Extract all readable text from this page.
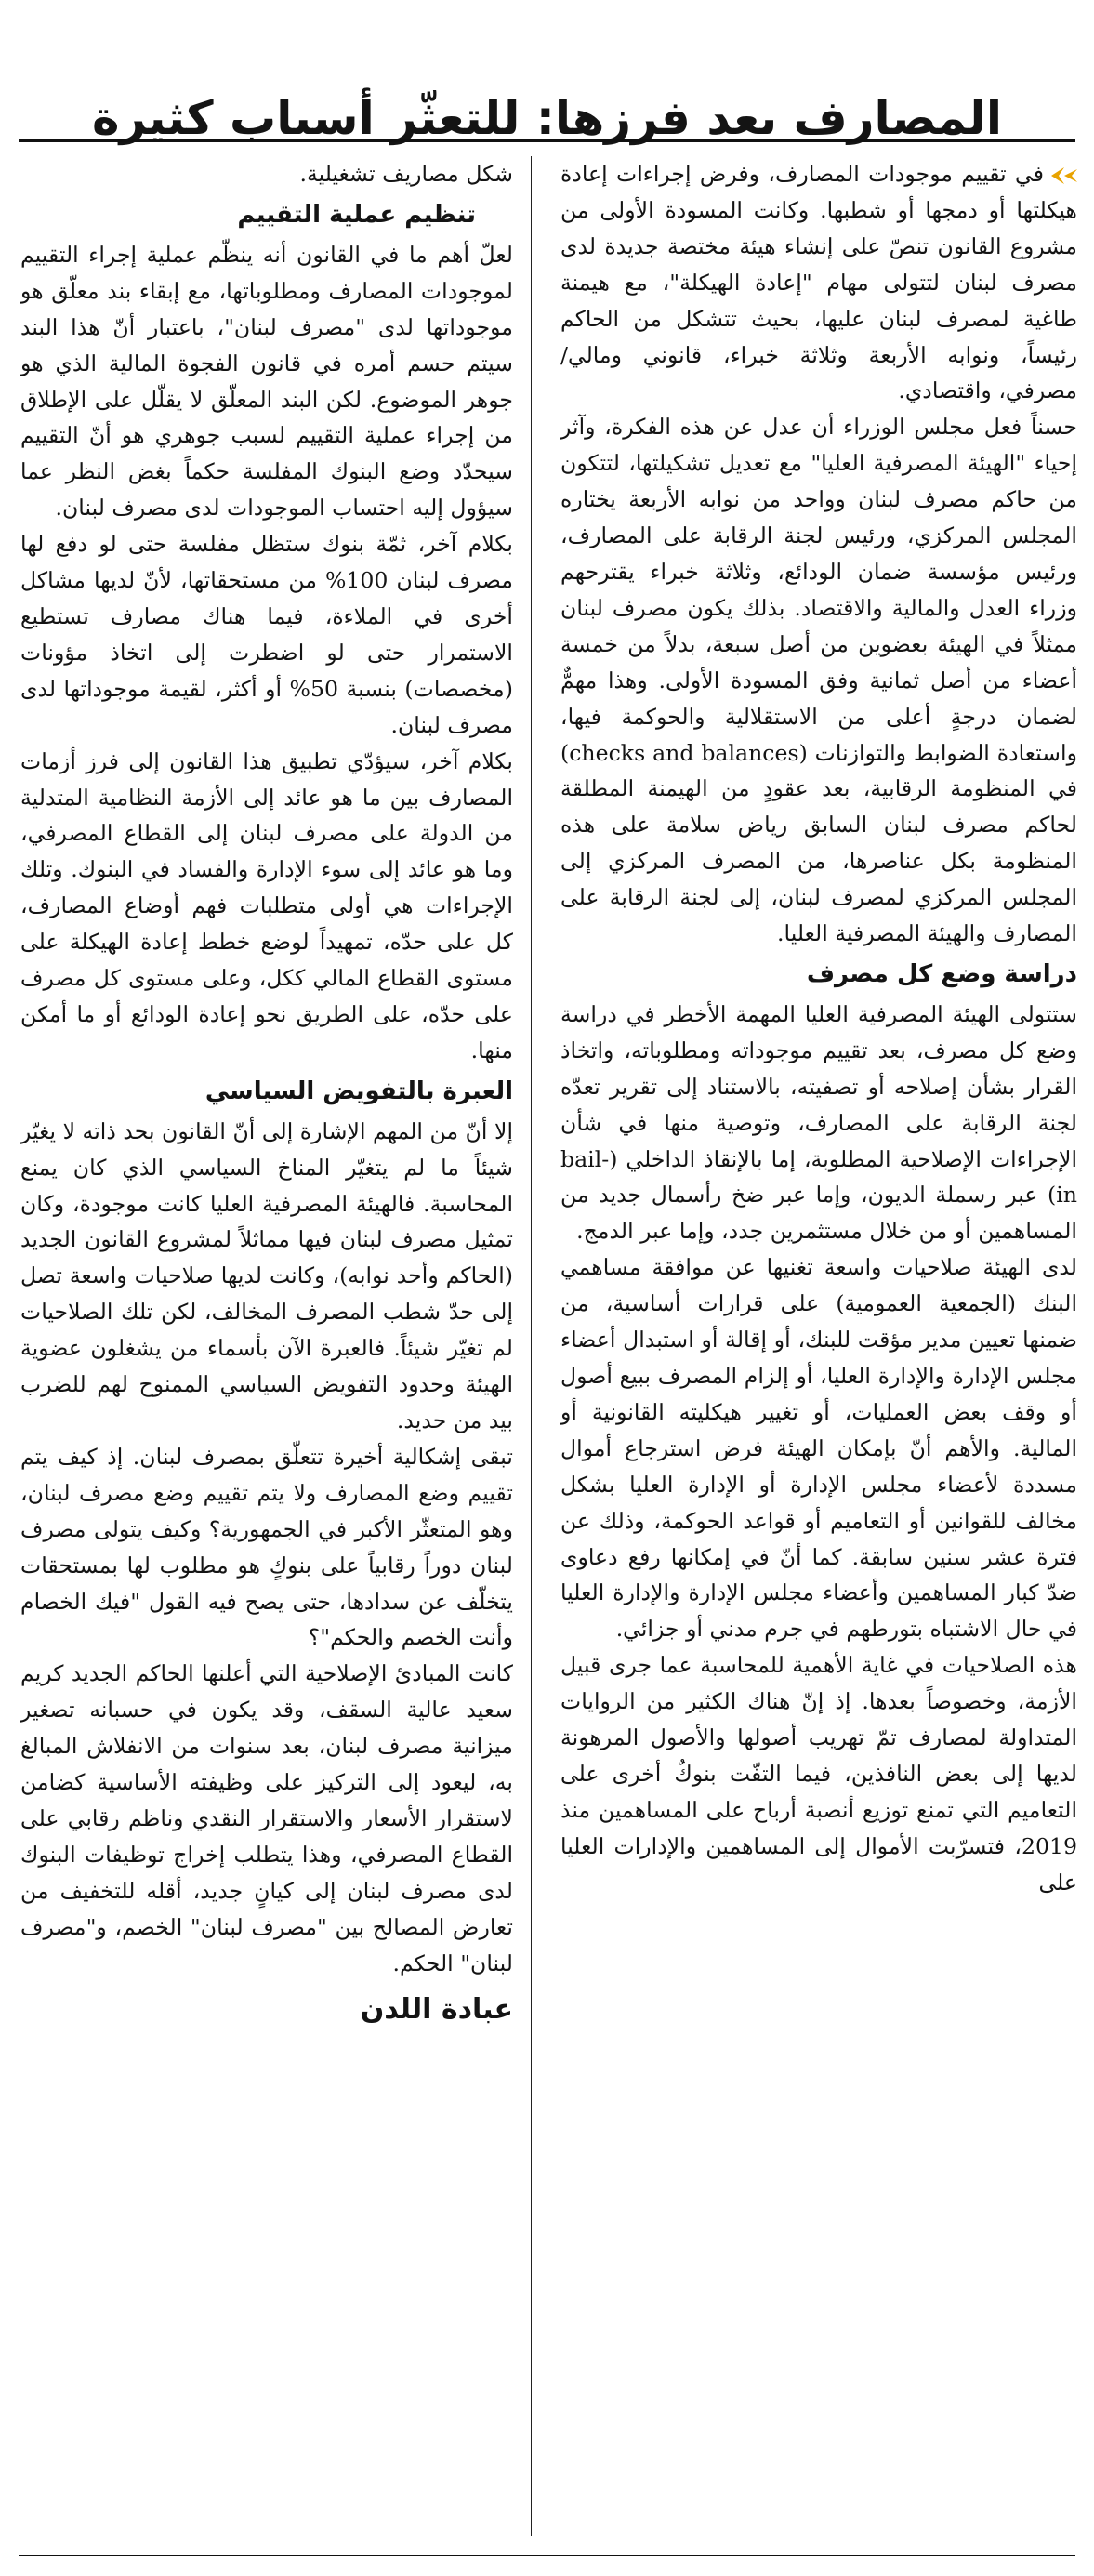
المصارف بعد فرزها: للتعثّر أسباب كثيرة

في تقييم موجودات المصارف، وفرض إجراءات إعادة هيكلتها أو دمجها أو شطبها. وكانت المسودة الأولى من مشروع القانون تنصّ على إنشاء هيئة مختصة جديدة لدى مصرف لبنان لتتولى مهام "إعادة الهيكلة"، مع هيمنة طاغية لمصرف لبنان عليها، بحيث تتشكل من الحاكم رئيساً، ونوابه الأربعة وثلاثة خبراء، قانوني ومالي/ مصرفي، واقتصادي.

حسناً فعل مجلس الوزراء أن عدل عن هذه الفكرة، وآثر إحياء "الهيئة المصرفية العليا" مع تعديل تشكيلتها، لتتكون من حاكم مصرف لبنان وواحد من نوابه الأربعة يختاره المجلس المركزي، ورئيس لجنة الرقابة على المصارف، ورئيس مؤسسة ضمان الودائع، وثلاثة خبراء يقترحهم وزراء العدل والمالية والاقتصاد. بذلك يكون مصرف لبنان ممثلاً في الهيئة بعضوين من أصل سبعة، بدلاً من خمسة أعضاء من أصل ثمانية وفق المسودة الأولى. وهذا مهمٌّ لضمان درجةٍ أعلى من الاستقلالية والحوكمة فيها، واستعادة الضوابط والتوازنات (checks and balances) في المنظومة الرقابية، بعد عقودٍ من الهيمنة المطلقة لحاكم مصرف لبنان السابق رياض سلامة على هذه المنظومة بكل عناصرها، من المصرف المركزي إلى المجلس المركزي لمصرف لبنان، إلى لجنة الرقابة على المصارف والهيئة المصرفية العليا.

دراسة وضع كل مصرف

ستتولى الهيئة المصرفية العليا المهمة الأخطر في دراسة وضع كل مصرف، بعد تقييم موجوداته ومطلوباته، واتخاذ القرار بشأن إصلاحه أو تصفيته، بالاستناد إلى تقرير تعدّه لجنة الرقابة على المصارف، وتوصية منها في شأن الإجراءات الإصلاحية المطلوبة، إما بالإنقاذ الداخلي (bail-in) عبر رسملة الديون، وإما عبر ضخ رأسمال جديد من المساهمين أو من خلال مستثمرين جدد، وإما عبر الدمج.

لدى الهيئة صلاحيات واسعة تغنيها عن موافقة مساهمي البنك (الجمعية العمومية) على قرارات أساسية، من ضمنها تعيين مدير مؤقت للبنك، أو إقالة أو استبدال أعضاء مجلس الإدارة والإدارة العليا، أو إلزام المصرف ببيع أصول أو وقف بعض العمليات، أو تغيير هيكليته القانونية أو المالية. والأهم أنّ بإمكان الهيئة فرض استرجاع أموال مسددة لأعضاء مجلس الإدارة أو الإدارة العليا بشكل مخالف للقوانين أو التعاميم أو قواعد الحوكمة، وذلك عن فترة عشر سنين سابقة. كما أنّ في إمكانها رفع دعاوى ضدّ كبار المساهمين وأعضاء مجلس الإدارة والإدارة العليا في حال الاشتباه بتورطهم في جرم مدني أو جزائي.

هذه الصلاحيات في غاية الأهمية للمحاسبة عما جرى قبيل الأزمة، وخصوصاً بعدها. إذ إنّ هناك الكثير من الروايات المتداولة لمصارف تمّ تهريب أصولها والأصول المرهونة لديها إلى بعض النافذين، فيما التفّت بنوكٌ أخرى على التعاميم التي تمنع توزيع أنصبة أرباح على المساهمين منذ 2019، فتسرّبت الأموال إلى المساهمين والإدارات العليا على

شكل مصاريف تشغيلية.

تنظيم عملية التقييم

لعلّ أهم ما في القانون أنه ينظّم عملية إجراء التقييم لموجودات المصارف ومطلوباتها، مع إبقاء بند معلّق هو موجوداتها لدى "مصرف لبنان"، باعتبار أنّ هذا البند سيتم حسم أمره في قانون الفجوة المالية الذي هو جوهر الموضوع. لكن البند المعلّق لا يقلّل على الإطلاق من إجراء عملية التقييم لسبب جوهري هو أنّ التقييم سيحدّد وضع البنوك المفلسة حكماً بغض النظر عما سيؤول إليه احتساب الموجودات لدى مصرف لبنان.

بكلام آخر، ثمّة بنوك ستظل مفلسة حتى لو دفع لها مصرف لبنان 100% من مستحقاتها، لأنّ لديها مشاكل أخرى في الملاءة، فيما هناك مصارف تستطيع الاستمرار حتى لو اضطرت إلى اتخاذ مؤونات (مخصصات) بنسبة 50% أو أكثر، لقيمة موجوداتها لدى مصرف لبنان.

بكلام آخر، سيؤدّي تطبيق هذا القانون إلى فرز أزمات المصارف بين ما هو عائد إلى الأزمة النظامية المتدلية من الدولة على مصرف لبنان إلى القطاع المصرفي، وما هو عائد إلى سوء الإدارة والفساد في البنوك. وتلك الإجراءات هي أولى متطلبات فهم أوضاع المصارف، كل على حدّه، تمهيداً لوضع خطط إعادة الهيكلة على مستوى القطاع المالي ككل، وعلى مستوى كل مصرف على حدّه، على الطريق نحو إعادة الودائع أو ما أمكن منها.

العبرة بالتفويض السياسي

إلا أنّ من المهم الإشارة إلى أنّ القانون بحد ذاته لا يغيّر شيئاً ما لم يتغيّر المناخ السياسي الذي كان يمنع المحاسبة. فالهيئة المصرفية العليا كانت موجودة، وكان تمثيل مصرف لبنان فيها مماثلاً لمشروع القانون الجديد (الحاكم وأحد نوابه)، وكانت لديها صلاحيات واسعة تصل إلى حدّ شطب المصرف المخالف، لكن تلك الصلاحيات لم تغيّر شيئاً. فالعبرة الآن بأسماء من يشغلون عضوية الهيئة وحدود التفويض السياسي الممنوح لهم للضرب بيد من حديد.

تبقى إشكالية أخيرة تتعلّق بمصرف لبنان. إذ كيف يتم تقييم وضع المصارف ولا يتم تقييم وضع مصرف لبنان، وهو المتعثّر الأكبر في الجمهورية؟ وكيف يتولى مصرف لبنان دوراً رقابياً على بنوكٍ هو مطلوب لها بمستحقات يتخلّف عن سدادها، حتى يصح فيه القول "فيك الخصام وأنت الخصم والحكم"؟

كانت المبادئ الإصلاحية التي أعلنها الحاكم الجديد كريم سعيد عالية السقف، وقد يكون في حسبانه تصغير ميزانية مصرف لبنان، بعد سنوات من الانفلاش المبالغ به، ليعود إلى التركيز على وظيفته الأساسية كضامن لاستقرار الأسعار والاستقرار النقدي وناظم رقابي على القطاع المصرفي، وهذا يتطلب إخراج توظيفات البنوك لدى مصرف لبنان إلى كيانٍ جديد، أقله للتخفيف من تعارض المصالح بين "مصرف لبنان" الخصم، و"مصرف لبنان" الحكم.

عبادة اللدن
